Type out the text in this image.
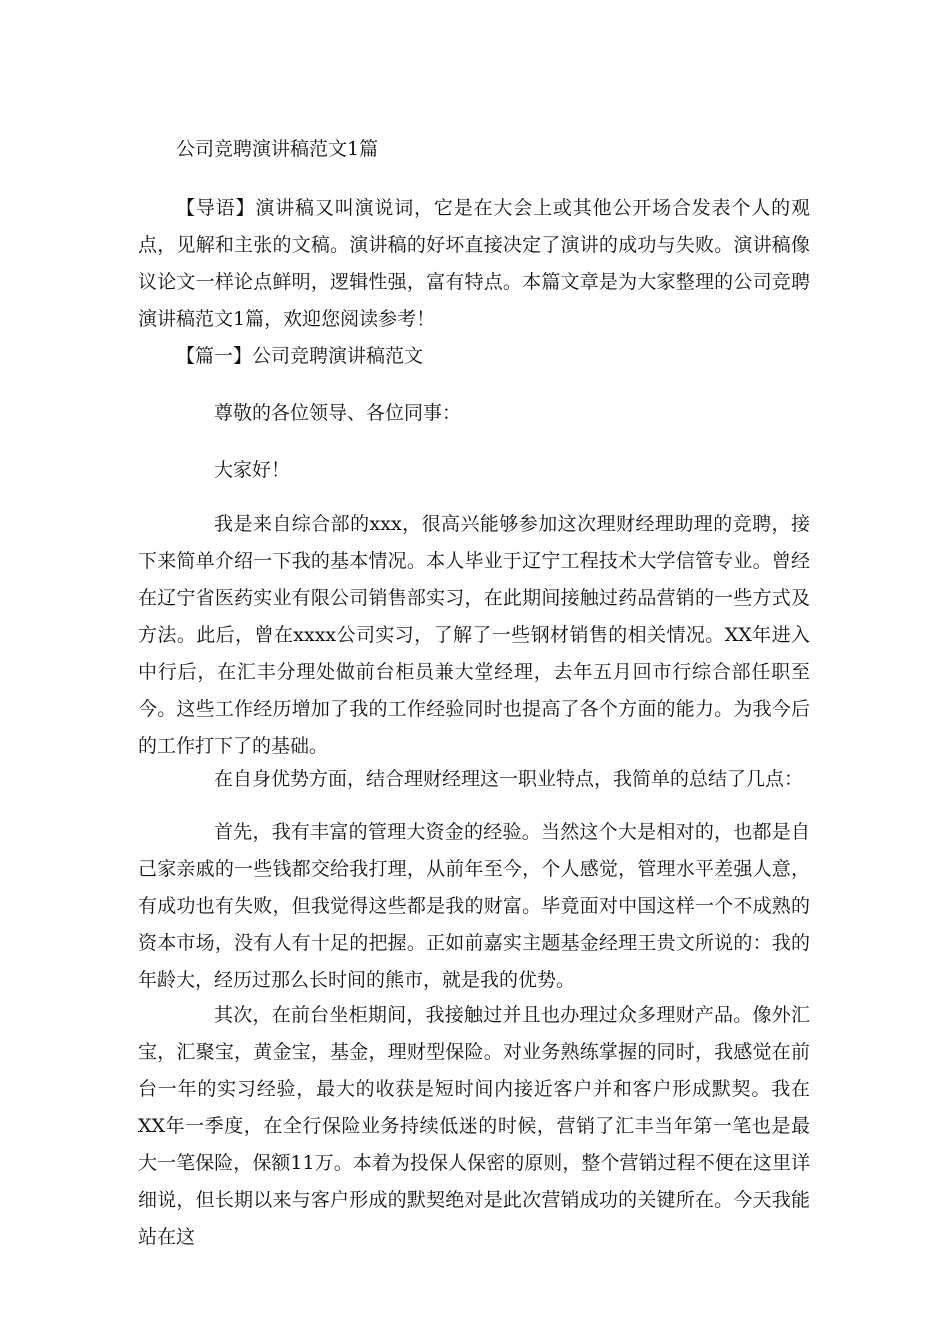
公司竞聘演讲稿范文1篇

【导语】演讲稿又叫演说词，它是在大会上或其他公开场合发表个人的观点，见解和主张的文稿。演讲稿的好坏直接决定了演讲的成功与失败。演讲稿像议论文一样论点鲜明，逻辑性强，富有特点。本篇文章是为大家整理的公司竞聘演讲稿范文1篇，欢迎您阅读参考！

【篇一】公司竞聘演讲稿范文

尊敬的各位领导、各位同事：

大家好！

我是来自综合部的xxx，很高兴能够参加这次理财经理助理的竞聘，接下来简单介绍一下我的基本情况。本人毕业于辽宁工程技术大学信管专业。曾经在辽宁省医药实业有限公司销售部实习，在此期间接触过药品营销的一些方式及方法。此后，曾在xxxx公司实习，了解了一些钢材销售的相关情况。XX年进入中行后，在汇丰分理处做前台柜员兼大堂经理，去年五月回市行综合部任职至今。这些工作经历增加了我的工作经验同时也提高了各个方面的能力。为我今后的工作打下了的基础。

在自身优势方面，结合理财经理这一职业特点，我简单的总结了几点：

首先，我有丰富的管理大资金的经验。当然这个大是相对的，也都是自己家亲戚的一些钱都交给我打理，从前年至今，个人感觉，管理水平差强人意，有成功也有失败，但我觉得这些都是我的财富。毕竟面对中国这样一个不成熟的资本市场，没有人有十足的把握。正如前嘉实主题基金经理王贵文所说的：我的年龄大，经历过那么长时间的熊市，就是我的优势。

其次，在前台坐柜期间，我接触过并且也办理过众多理财产品。像外汇宝，汇聚宝，黄金宝，基金，理财型保险。对业务熟练掌握的同时，我感觉在前台一年的实习经验，最大的收获是短时间内接近客户并和客户形成默契。我在XX年一季度，在全行保险业务持续低迷的时候，营销了汇丰当年第一笔也是最大一笔保险，保额11万。本着为投保人保密的原则，整个营销过程不便在这里详细说，但长期以来与客户形成的默契绝对是此次营销成功的关键所在。今天我能站在这
